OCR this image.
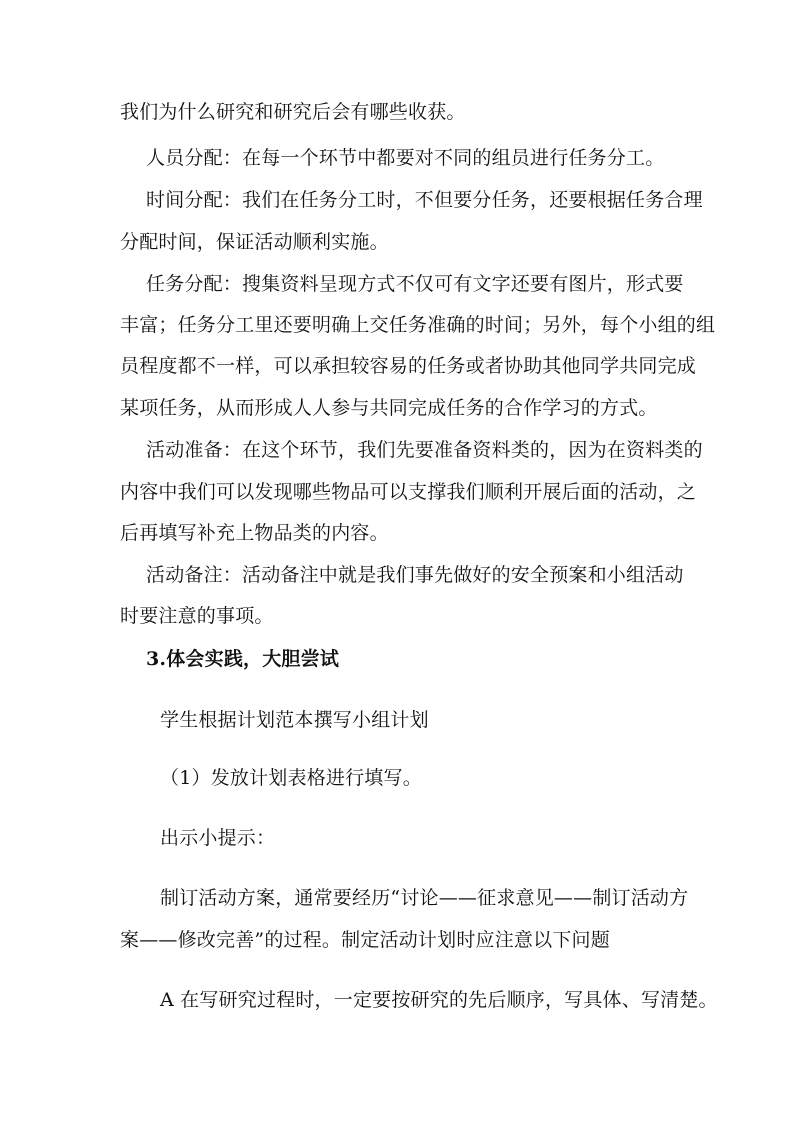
我们为什么研究和研究后会有哪些收获。
人员分配：在每一个环节中都要对不同的组员进行任务分工。
时间分配：我们在任务分工时，不但要分任务，还要根据任务合理
分配时间，保证活动顺利实施。
任务分配：搜集资料呈现方式不仅可有文字还要有图片，形式要
丰富；任务分工里还要明确上交任务准确的时间；另外，每个小组的组
员程度都不一样，可以承担较容易的任务或者协助其他同学共同完成
某项任务，从而形成人人参与共同完成任务的合作学习的方式。
活动准备：在这个环节，我们先要准备资料类的，因为在资料类的
内容中我们可以发现哪些物品可以支撑我们顺利开展后面的活动，之
后再填写补充上物品类的内容。
活动备注：活动备注中就是我们事先做好的安全预案和小组活动
时要注意的事项。
3.体会实践，大胆尝试
学生根据计划范本撰写小组计划
（1）发放计划表格进行填写。
出示小提示：
制订活动方案，通常要经历“讨论——征求意见——制订活动方
案——修改完善”的过程。制定活动计划时应注意以下问题
A 在写研究过程时，一定要按研究的先后顺序，写具体、写清楚。
